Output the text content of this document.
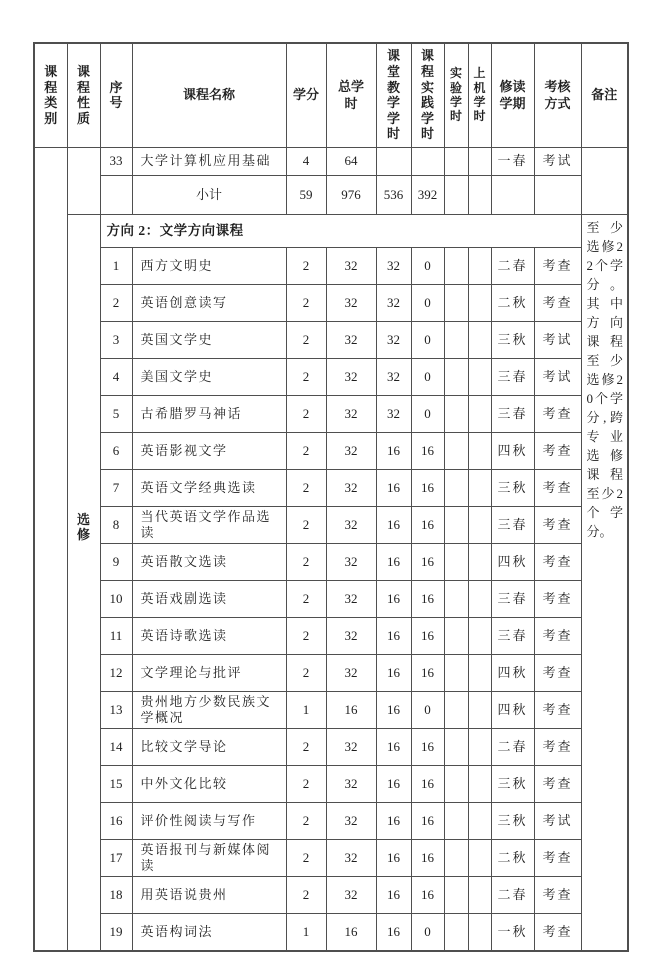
课程类别	课程性质	序号	课程名称	学分	总学时	课堂教学学时	课程实践学时	实验学时	上机学时	修读学期	考核方式	备注
		33	大学计算机应用基础	4	64					一春	考试	
			小计	59	976	536	392					
	选修	方向 2：文学方向课程										至少选修22个学分。其中方向课程至少选修20个学分,跨专业选修课程至少2个学分。
		1	西方文明史	2	32	32	0			二春	考查	
		2	英语创意读写	2	32	32	0			二秋	考查	
		3	英国文学史	2	32	32	0			三秋	考试	
		4	美国文学史	2	32	32	0			三春	考试	
		5	古希腊罗马神话	2	32	32	0			三春	考查	
		6	英语影视文学	2	32	16	16			四秋	考查	
		7	英语文学经典选读	2	32	16	16			三秋	考查	
		8	当代英语文学作品选读	2	32	16	16			三春	考查	
		9	英语散文选读	2	32	16	16			四秋	考查	
		10	英语戏剧选读	2	32	16	16			三春	考查	
		11	英语诗歌选读	2	32	16	16			三春	考查	
		12	文学理论与批评	2	32	16	16			四秋	考查	
		13	贵州地方少数民族文学概况	1	16	16	0			四秋	考查	
		14	比较文学导论	2	32	16	16			二春	考查	
		15	中外文化比较	2	32	16	16			三秋	考查	
		16	评价性阅读与写作	2	32	16	16			三秋	考试	
		17	英语报刊与新媒体阅读	2	32	16	16			二秋	考查	
		18	用英语说贵州	2	32	16	16			二春	考查	
		19	英语构词法	1	16	16	0			一秋	考查	
